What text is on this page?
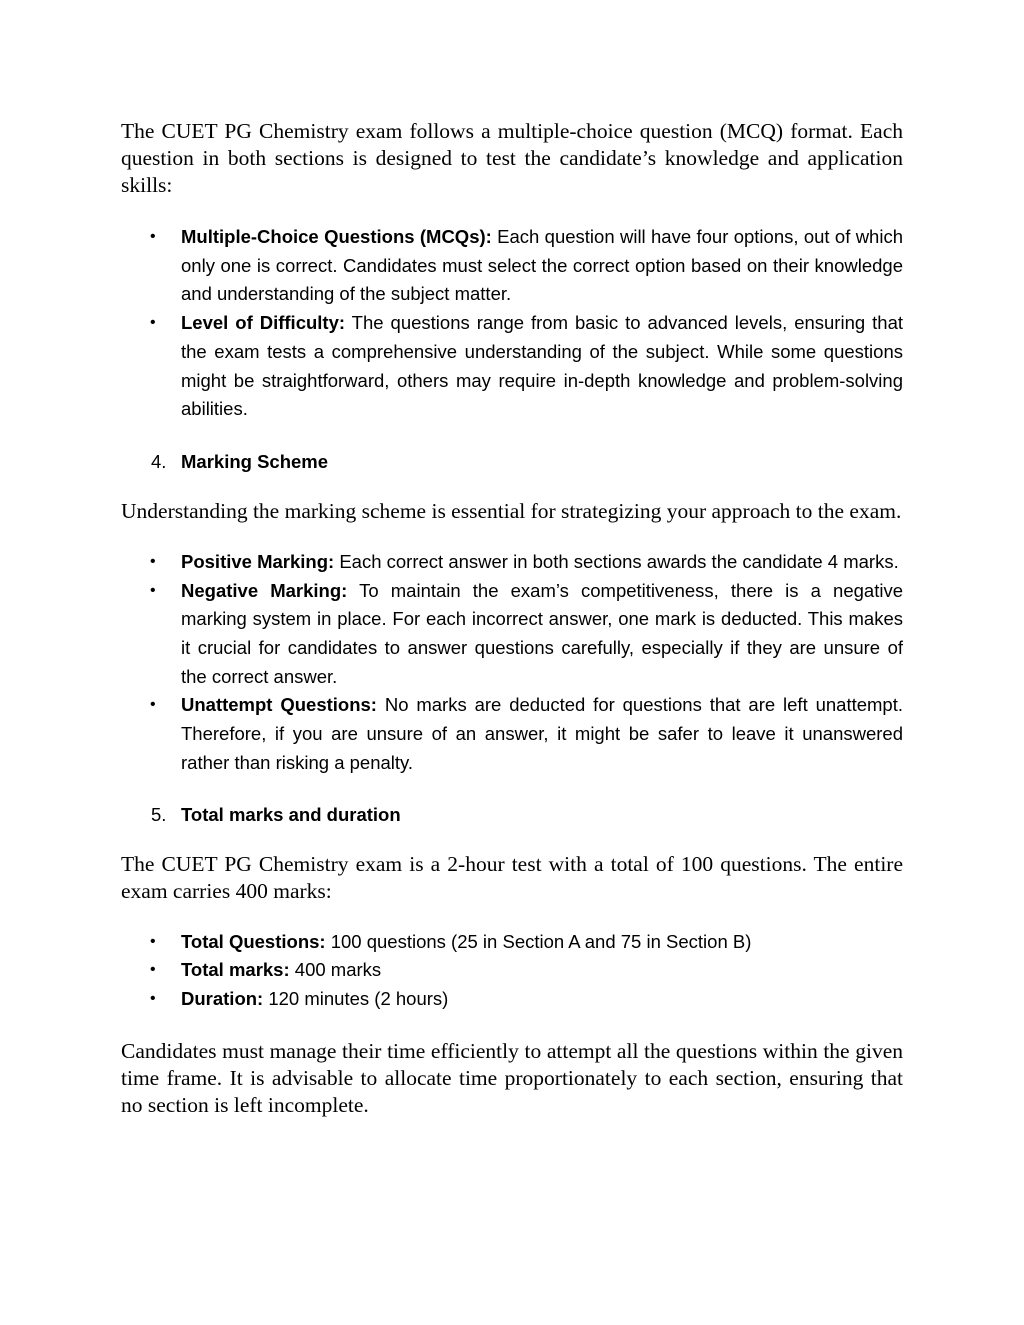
The CUET PG Chemistry exam follows a multiple-choice question (MCQ) format. Each question in both sections is designed to test the candidate’s knowledge and application skills:

• Multiple-Choice Questions (MCQs): Each question will have four options, out of which only one is correct. Candidates must select the correct option based on their knowledge and understanding of the subject matter.
• Level of Difficulty: The questions range from basic to advanced levels, ensuring that the exam tests a comprehensive understanding of the subject. While some questions might be straightforward, others may require in-depth knowledge and problem-solving abilities.
4. Marking Scheme

Understanding the marking scheme is essential for strategizing your approach to the exam.

• Positive Marking: Each correct answer in both sections awards the candidate 4 marks.
• Negative Marking: To maintain the exam’s competitiveness, there is a negative marking system in place. For each incorrect answer, one mark is deducted. This makes it crucial for candidates to answer questions carefully, especially if they are unsure of the correct answer.
• Unattempt Questions: No marks are deducted for questions that are left unattempt. Therefore, if you are unsure of an answer, it might be safer to leave it unanswered rather than risking a penalty.
5. Total marks and duration

The CUET PG Chemistry exam is a 2-hour test with a total of 100 questions. The entire exam carries 400 marks:

• Total Questions: 100 questions (25 in Section A and 75 in Section B)
• Total marks: 400 marks
• Duration: 120 minutes (2 hours)

Candidates must manage their time efficiently to attempt all the questions within the given time frame. It is advisable to allocate time proportionately to each section, ensuring that no section is left incomplete.
